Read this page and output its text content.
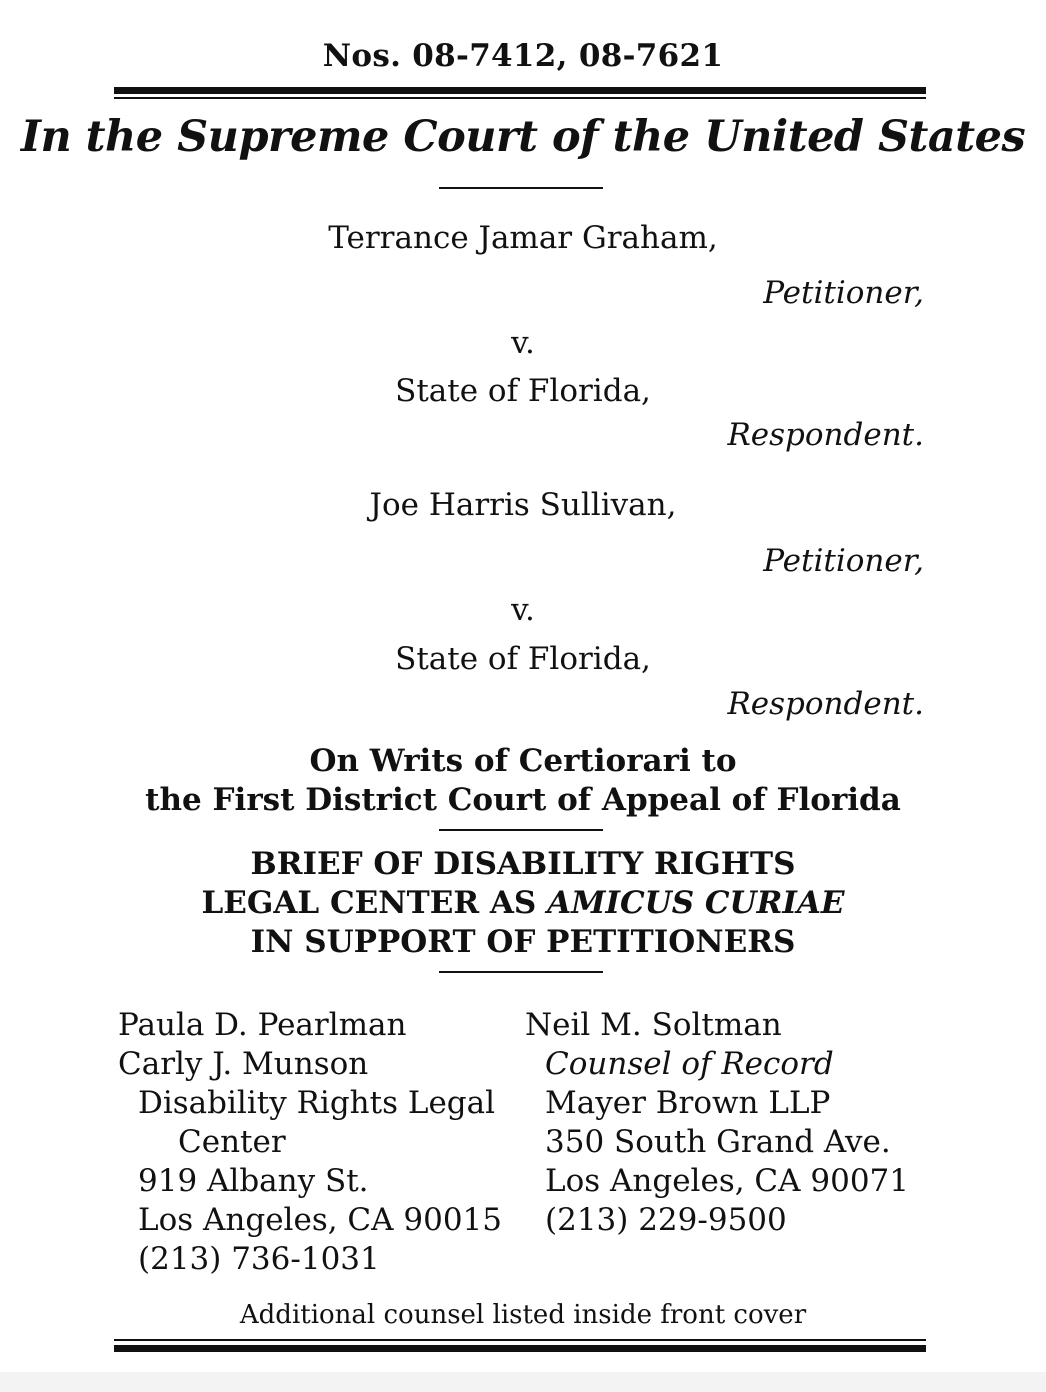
Nos. 08-7412, 08-7621
In the Supreme Court of the United States
Terrance Jamar Graham,
Petitioner,
v.
State of Florida,
Respondent.
Joe Harris Sullivan,
Petitioner,
v.
State of Florida,
Respondent.
On Writs of Certiorari to
the First District Court of Appeal of Florida
BRIEF OF DISABILITY RIGHTS
LEGAL CENTER AS AMICUS CURIAE
IN SUPPORT OF PETITIONERS
Paula D. Pearlman
Carly J. Munson
Disability Rights Legal
Center
919 Albany St.
Los Angeles, CA 90015
(213) 736-1031
Neil M. Soltman
Counsel of Record
Mayer Brown LLP
350 South Grand Ave.
Los Angeles, CA 90071
(213) 229-9500
Additional counsel listed inside front cover
